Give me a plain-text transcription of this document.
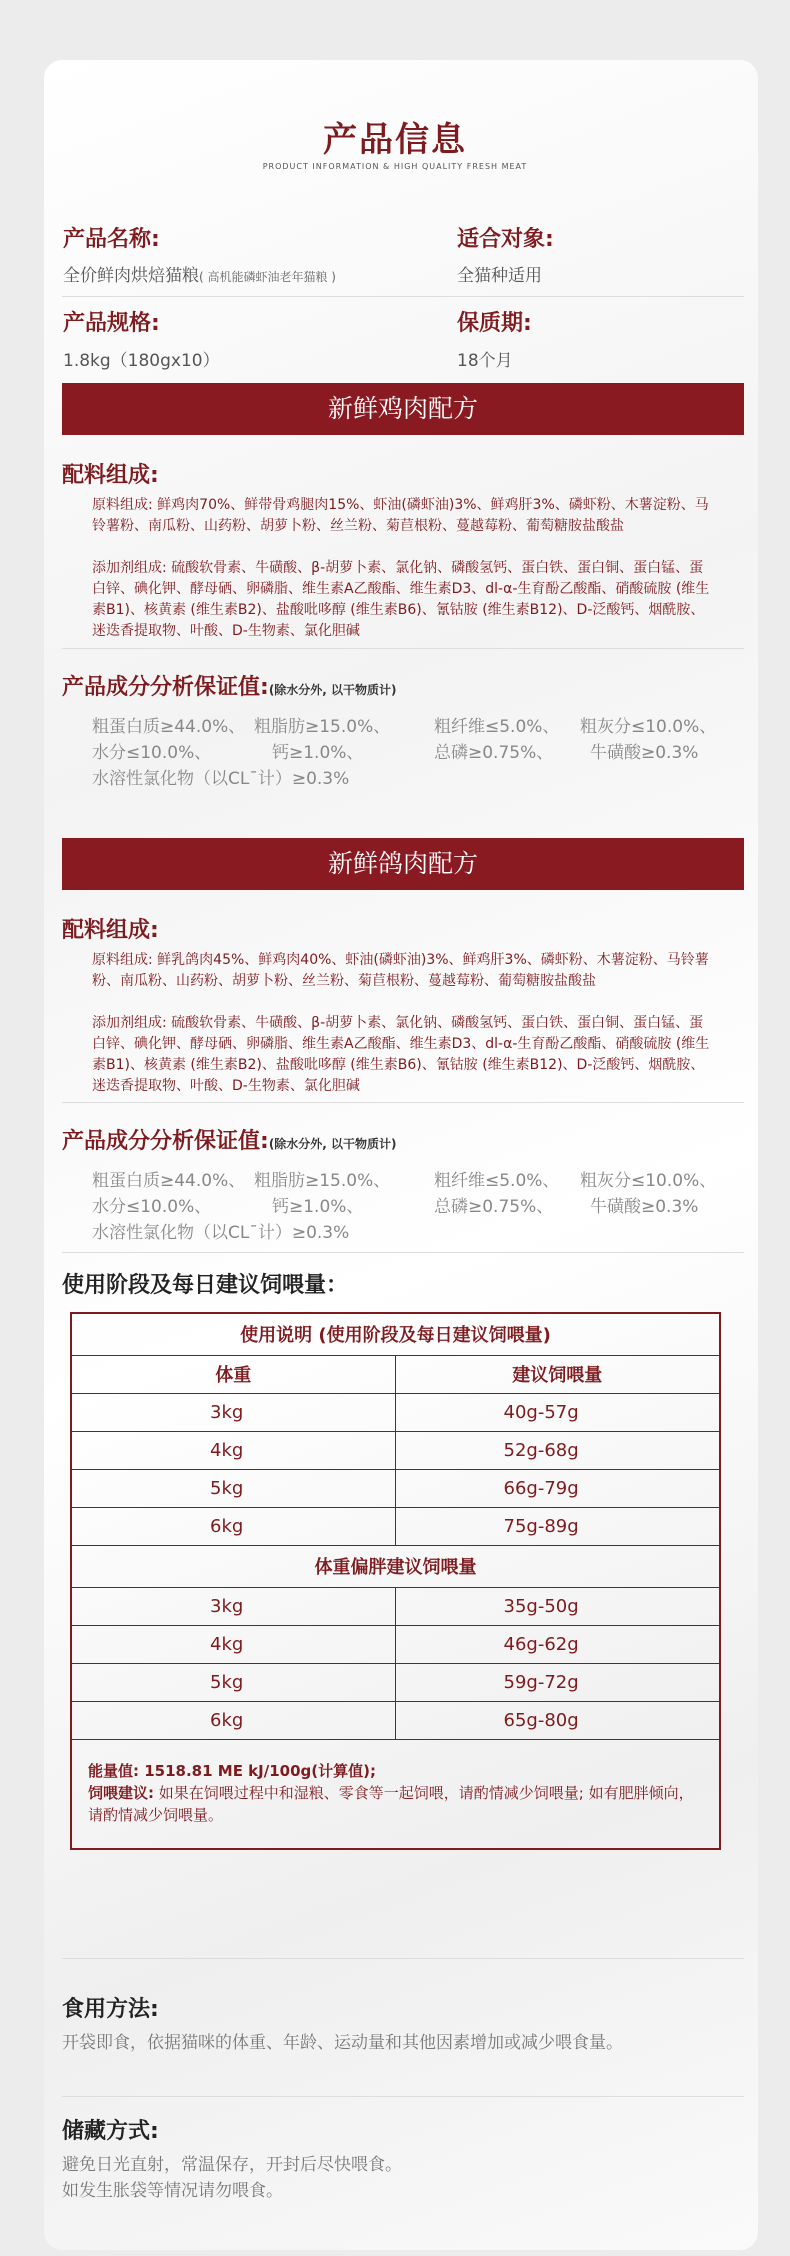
产品信息
PRODUCT INFORMATION & HIGH QUALITY FRESH MEAT
产品名称:
全价鲜肉烘焙猫粮( 高机能磷虾油老年猫粮 )
适合对象:
全猫种适用
产品规格:
1.8kg（180gx10）
保质期:
18个月
新鲜鸡肉配方
配料组成:
原料组成: 鲜鸡肉70%、鲜带骨鸡腿肉15%、虾油(磷虾油)3%、鲜鸡肝3%、磷虾粉、木薯淀粉、马铃薯粉、南瓜粉、山药粉、胡萝卜粉、丝兰粉、菊苣根粉、蔓越莓粉、葡萄糖胺盐酸盐
添加剂组成: 硫酸软骨素、牛磺酸、β-胡萝卜素、氯化钠、磷酸氢钙、蛋白铁、蛋白铜、蛋白锰、蛋白锌、碘化钾、酵母硒、卵磷脂、维生素A乙酸酯、维生素D3、dl-α-生育酚乙酸酯、硝酸硫胺 (维生素B1)、核黄素 (维生素B2)、盐酸吡哆醇 (维生素B6)、氰钴胺 (维生素B12)、D-泛酸钙、烟酰胺、迷迭香提取物、叶酸、D-生物素、氯化胆碱
产品成分分析保证值:(除水分外, 以干物质计)
粗蛋白质≥44.0%、 粗脂肪≥15.0%、	粗纤维≤5.0%、 粗灰分≤10.0%、
水分≤10.0%、	钙≥1.0%、	总磷≥0.75%、 牛磺酸≥0.3%
水溶性氯化物（以CL¯计）≥0.3%
新鲜鸽肉配方
配料组成:
原料组成: 鲜乳鸽肉45%、鲜鸡肉40%、虾油(磷虾油)3%、鲜鸡肝3%、磷虾粉、木薯淀粉、马铃薯粉、南瓜粉、山药粉、胡萝卜粉、丝兰粉、菊苣根粉、蔓越莓粉、葡萄糖胺盐酸盐
添加剂组成: 硫酸软骨素、牛磺酸、β-胡萝卜素、氯化钠、磷酸氢钙、蛋白铁、蛋白铜、蛋白锰、蛋白锌、碘化钾、酵母硒、卵磷脂、维生素A乙酸酯、维生素D3、dl-α-生育酚乙酸酯、硝酸硫胺 (维生素B1)、核黄素 (维生素B2)、盐酸吡哆醇 (维生素B6)、氰钴胺 (维生素B12)、D-泛酸钙、烟酰胺、迷迭香提取物、叶酸、D-生物素、氯化胆碱
产品成分分析保证值:(除水分外, 以干物质计)
粗蛋白质≥44.0%、 粗脂肪≥15.0%、	粗纤维≤5.0%、 粗灰分≤10.0%、
水分≤10.0%、	钙≥1.0%、	总磷≥0.75%、 牛磺酸≥0.3%
水溶性氯化物（以CL¯计）≥0.3%
使用阶段及每日建议饲喂量：
使用说明 (使用阶段及每日建议饲喂量)	
体重	建议饲喂量
3kg	40g-57g
4kg	52g-68g
5kg	66g-79g
6kg	75g-89g
体重偏胖建议饲喂量	
3kg	35g-50g
4kg	46g-62g
5kg	59g-72g
6kg	65g-80g

能量值: 1518.81 ME kJ/100g(计算值);
饲喂建议: 如果在饲喂过程中和湿粮、零食等一起饲喂，请酌情减少饲喂量; 如有肥胖倾向，请酌情减少饲喂量。	
食用方法:
开袋即食，依据猫咪的体重、年龄、运动量和其他因素增加或减少喂食量。
储藏方式:
避免日光直射，常温保存，开封后尽快喂食。
如发生胀袋等情况请勿喂食。
